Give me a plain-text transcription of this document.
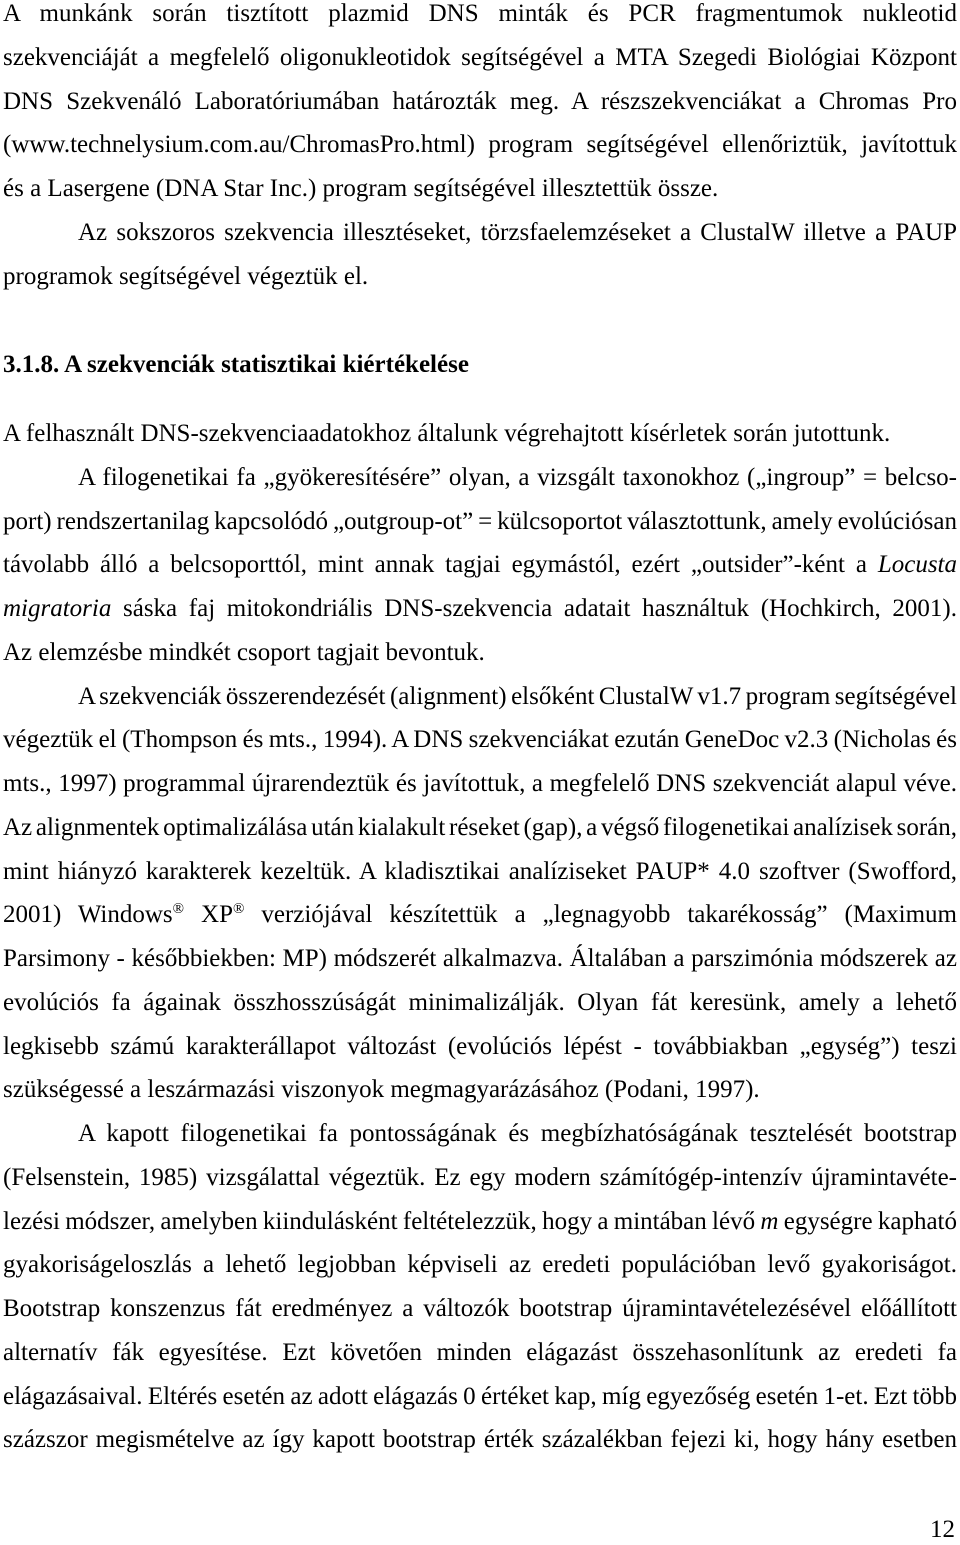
A munkánk során tisztított plazmid DNS minták és PCR fragmentumok nukleotid
szekvenciáját a megfelelő oligonukleotidok segítségével a MTA Szegedi Biológiai Központ
DNS Szekvenáló Laboratóriumában határozták meg. A részszekvenciákat a Chromas Pro
(www.technelysium.com.au/ChromasPro.html) program segítségével ellenőriztük, javítottuk
és a Lasergene (DNA Star Inc.) program segítségével illesztettük össze.
Az sokszoros szekvencia illesztéseket, törzsfaelemzéseket a ClustalW illetve a PAUP
programok segítségével végeztük el.
3.1.8. A szekvenciák statisztikai kiértékelése
A felhasznált DNS-szekvenciaadatokhoz általunk végrehajtott kísérletek során jutottunk.
A filogenetikai fa „gyökeresítésére” olyan, a vizsgált taxonokhoz („ingroup” = belcso-
port) rendszertanilag kapcsolódó „outgroup-ot” = külcsoportot választottunk, amely evolúciósan
távolabb álló a belcsoporttól, mint annak tagjai egymástól, ezért „outsider”-ként a Locusta
migratoria sáska faj mitokondriális DNS-szekvencia adatait használtuk (Hochkirch, 2001).
Az elemzésbe mindkét csoport tagjait bevontuk.
A szekvenciák összerendezését (alignment) elsőként ClustalW v1.7 program segítségével
végeztük el (Thompson és mts., 1994). A DNS szekvenciákat ezután GeneDoc v2.3 (Nicholas és
mts., 1997) programmal újrarendeztük és javítottuk, a megfelelő DNS szekvenciát alapul véve.
Az alignmentek optimalizálása után kialakult réseket (gap), a végső filogenetikai analízisek során,
mint hiányzó karakterek kezeltük. A kladisztikai analíziseket PAUP* 4.0 szoftver (Swofford,
2001) Windows® XP® verziójával készítettük a „legnagyobb takarékosság” (Maximum
Parsimony - későbbiekben: MP) módszerét alkalmazva. Általában a parszimónia módszerek az
evolúciós fa ágainak összhosszúságát minimalizálják. Olyan fát keresünk, amely a lehető
legkisebb számú karakterállapot változást (evolúciós lépést - továbbiakban „egység”) teszi
szükségessé a leszármazási viszonyok megmagyarázásához (Podani, 1997).
A kapott filogenetikai fa pontosságának és megbízhatóságának tesztelését bootstrap
(Felsenstein, 1985) vizsgálattal végeztük. Ez egy modern számítógép-intenzív újramintavéte-
lezési módszer, amelyben kiindulásként feltételezzük, hogy a mintában lévő m egységre kapható
gyakoriságeloszlás a lehető legjobban képviseli az eredeti populációban levő gyakoriságot.
Bootstrap konszenzus fát eredményez a változók bootstrap újramintavételezésével előállított
alternatív fák egyesítése. Ezt követően minden elágazást összehasonlítunk az eredeti fa
elágazásaival. Eltérés esetén az adott elágazás 0 értéket kap, míg egyezőség esetén 1-et. Ezt több
százszor megismételve az így kapott bootstrap érték százalékban fejezi ki, hogy hány esetben
12
